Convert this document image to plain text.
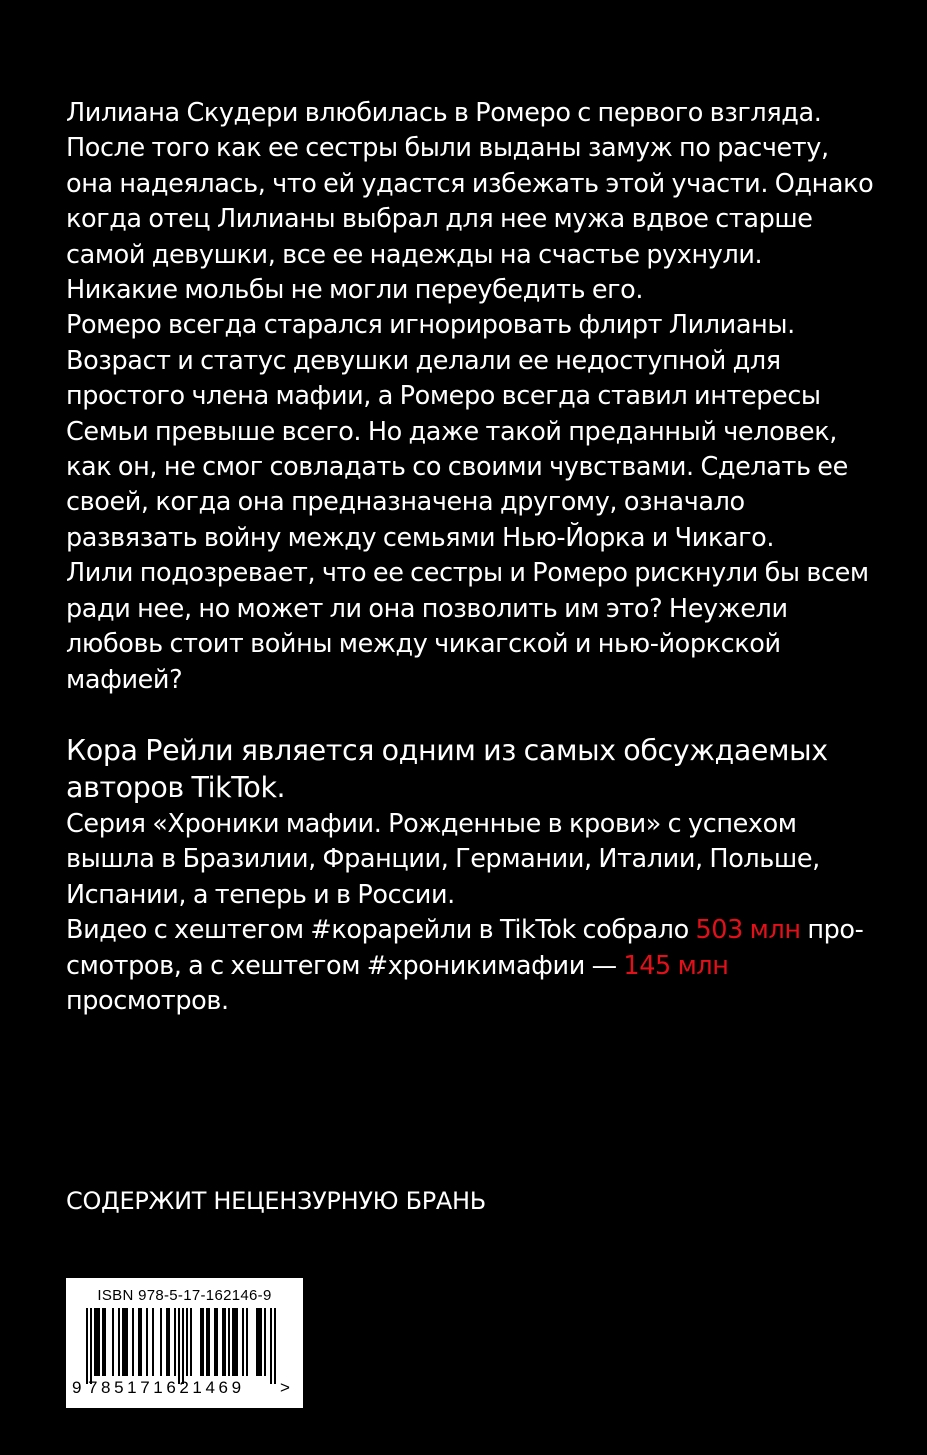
Лилиана Скудери влюбилась в Ромеро с первого взгляда. После того как ее сестры были выданы замуж по расчету, она надеялась, что ей удастся избежать этой участи. Однако когда отец Лилианы выбрал для нее мужа вдвое старше самой девушки, все ее надежды на счастье рухнули. Никакие мольбы не могли переубедить его.

Ромеро всегда старался игнорировать флирт Лилианы. Возраст и статус девушки делали ее недоступной для простого члена мафии, а Ромеро всегда ставил интересы Семьи превыше всего. Но даже такой преданный человек, как он, не смог совладать со своими чувствами. Сделать ее своей, когда она предназначена другому, означало развязать войну между семьями Нью-Йорка и Чикаго.

Лили подозревает, что ее сестры и Ромеро рискнули бы всем ради нее, но может ли она позволить им это? Неужели любовь стоит войны между чикагской и нью-йоркской мафией?

Кора Рейли является одним из самых обсуждаемых авторов TikTok.

Серия «Хроники мафии. Рожденные в крови» с успехом вышла в Бразилии, Франции, Германии, Италии, Польше, Испании, а теперь и в России.

Видео с хештегом #корарейли в TikTok собрало 503 млн про-смотров, а с хештегом #хроникимафии — 145 млн просмотров.

СОДЕРЖИТ НЕЦЕНЗУРНУЮ БРАНЬ
ISBN 978-5-17-162146-9
9 785171621469 >
